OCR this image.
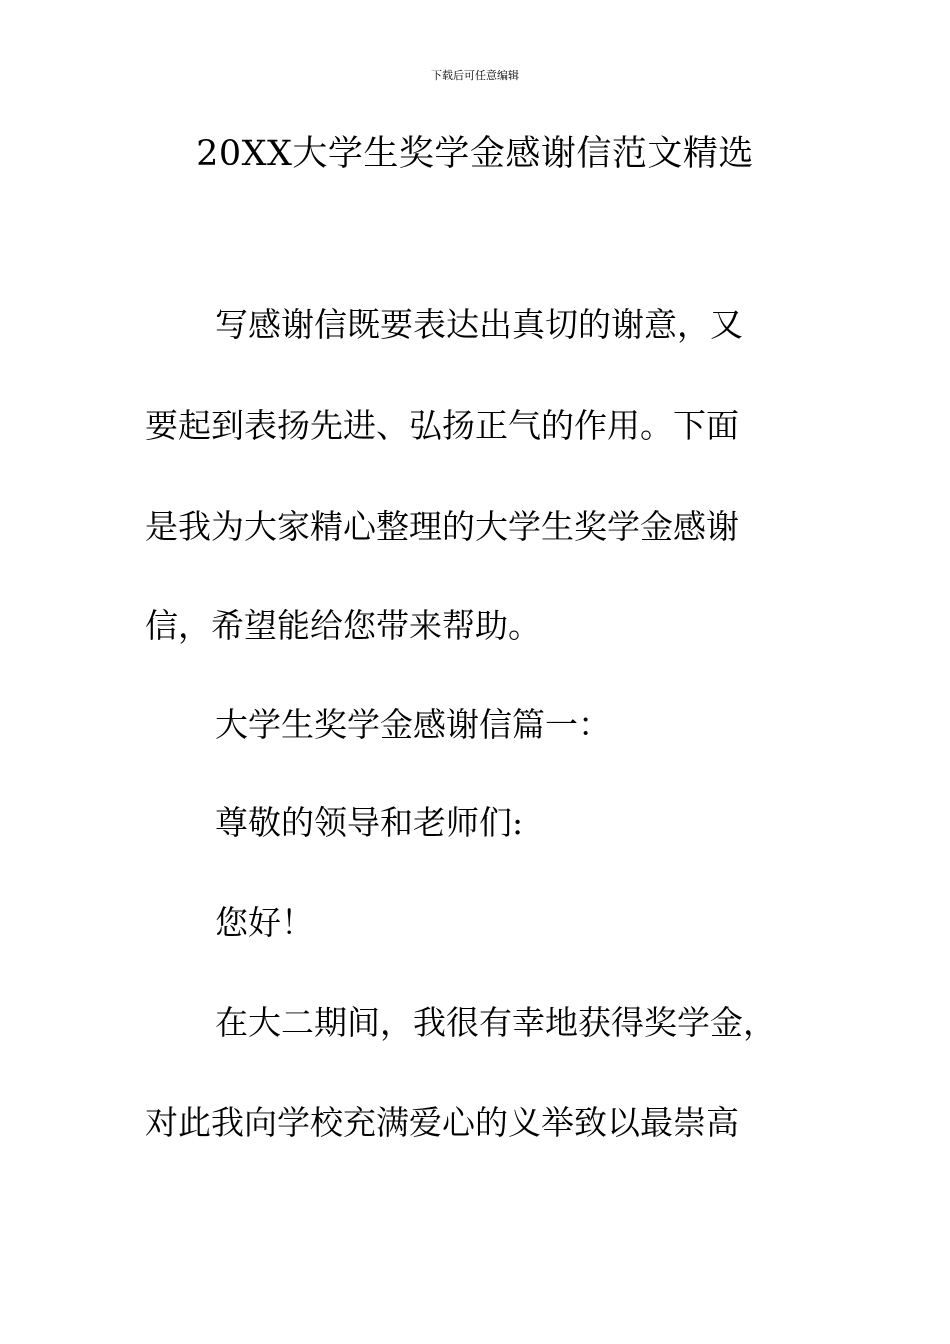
下载后可任意编辑
20XX大学生奖学金感谢信范文精选

写感谢信既要表达出真切的谢意，又

要起到表扬先进、弘扬正气的作用。下面

是我为大家精心整理的大学生奖学金感谢

信，希望能给您带来帮助。

大学生奖学金感谢信篇一：

尊敬的领导和老师们:

您好！

在大二期间，我很有幸地获得奖学金，

对此我向学校充满爱心的义举致以最崇高
